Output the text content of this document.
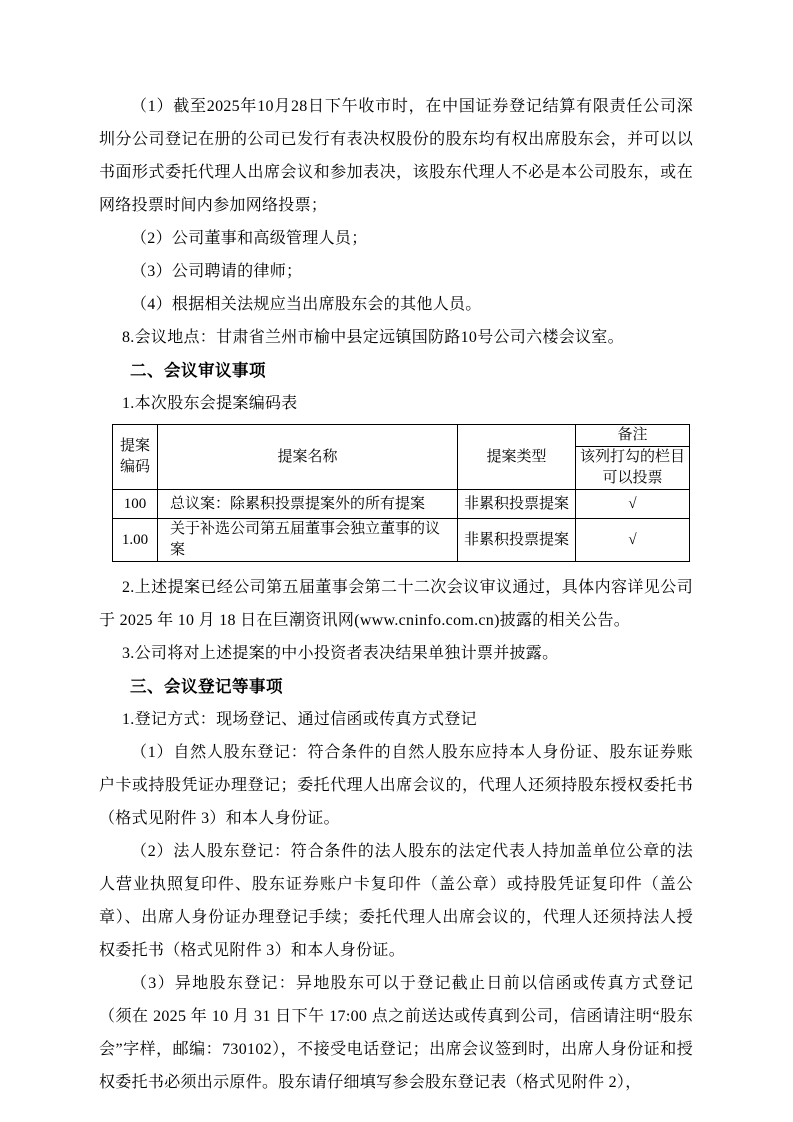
（1）截至2025年10月28日下午收市时，在中国证券登记结算有限责任公司深圳分公司登记在册的公司已发行有表决权股份的股东均有权出席股东会，并可以以书面形式委托代理人出席会议和参加表决，该股东代理人不必是本公司股东，或在网络投票时间内参加网络投票；

（2）公司董事和高级管理人员；

（3）公司聘请的律师；

（4）根据相关法规应当出席股东会的其他人员。

8.会议地点：甘肃省兰州市榆中县定远镇国防路10号公司六楼会议室。

二、会议审议事项

1.本次股东会提案编码表

提案编码	提案名称	提案类型	备注
			该列打勾的栏目可以投票
100	总议案：除累积投票提案外的所有提案	非累积投票提案	√
1.00	关于补选公司第五届董事会独立董事的议案	非累积投票提案	√

2.上述提案已经公司第五届董事会第二十二次会议审议通过，具体内容详见公司于 2025 年 10 月 18 日在巨潮资讯网(www.cninfo.com.cn)披露的相关公告。

3.公司将对上述提案的中小投资者表决结果单独计票并披露。

三、会议登记等事项

1.登记方式：现场登记、通过信函或传真方式登记

（1）自然人股东登记：符合条件的自然人股东应持本人身份证、股东证券账户卡或持股凭证办理登记；委托代理人出席会议的，代理人还须持股东授权委托书（格式见附件 3）和本人身份证。

（2）法人股东登记：符合条件的法人股东的法定代表人持加盖单位公章的法人营业执照复印件、股东证券账户卡复印件（盖公章）或持股凭证复印件（盖公章）、出席人身份证办理登记手续；委托代理人出席会议的，代理人还须持法人授权委托书（格式见附件 3）和本人身份证。

（3）异地股东登记：异地股东可以于登记截止日前以信函或传真方式登记（须在 2025 年 10 月 31 日下午 17:00 点之前送达或传真到公司，信函请注明“股东会”字样，邮编：730102），不接受电话登记；出席会议签到时，出席人身份证和授权委托书必须出示原件。股东请仔细填写参会股东登记表（格式见附件 2），
